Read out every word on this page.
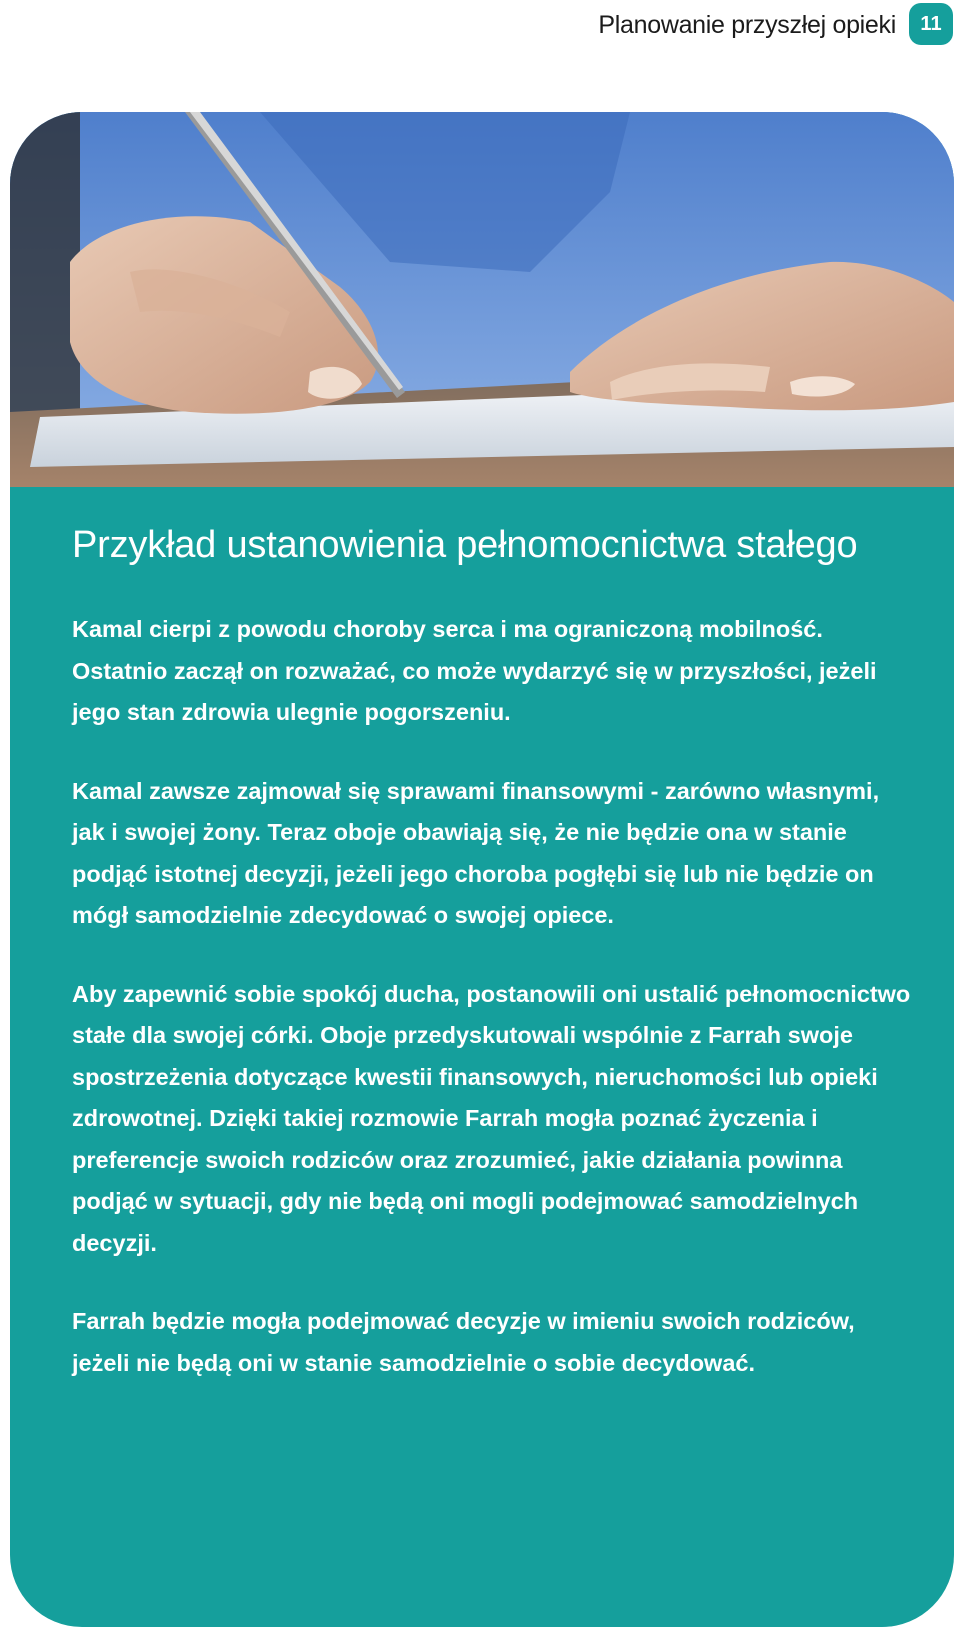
Planowanie przyszłej opieki	11
Przykład ustanowienia pełnomocnictwa stałego

Kamal cierpi z powodu choroby serca i ma ograniczoną mobilność. Ostatnio zaczął on rozważać, co może wydarzyć się w przyszłości, jeżeli jego stan zdrowia ulegnie pogorszeniu.

Kamal zawsze zajmował się sprawami finansowymi - zarówno własnymi, jak i swojej żony. Teraz oboje obawiają się, że nie będzie ona w stanie podjąć istotnej decyzji, jeżeli jego choroba pogłębi się lub nie będzie on mógł samodzielnie zdecydować o swojej opiece.

Aby zapewnić sobie spokój ducha, postanowili oni ustalić pełnomocnictwo stałe dla swojej córki. Oboje przedyskutowali wspólnie z Farrah swoje spostrzeżenia dotyczące kwestii finansowych, nieruchomości lub opieki zdrowotnej. Dzięki takiej rozmowie Farrah mogła poznać życzenia i preferencje swoich rodziców oraz zrozumieć, jakie działania powinna podjąć w sytuacji, gdy nie będą oni mogli podejmować samodzielnych decyzji.

Farrah będzie mogła podejmować decyzje w imieniu swoich rodziców, jeżeli nie będą oni w stanie samodzielnie o sobie decydować.
